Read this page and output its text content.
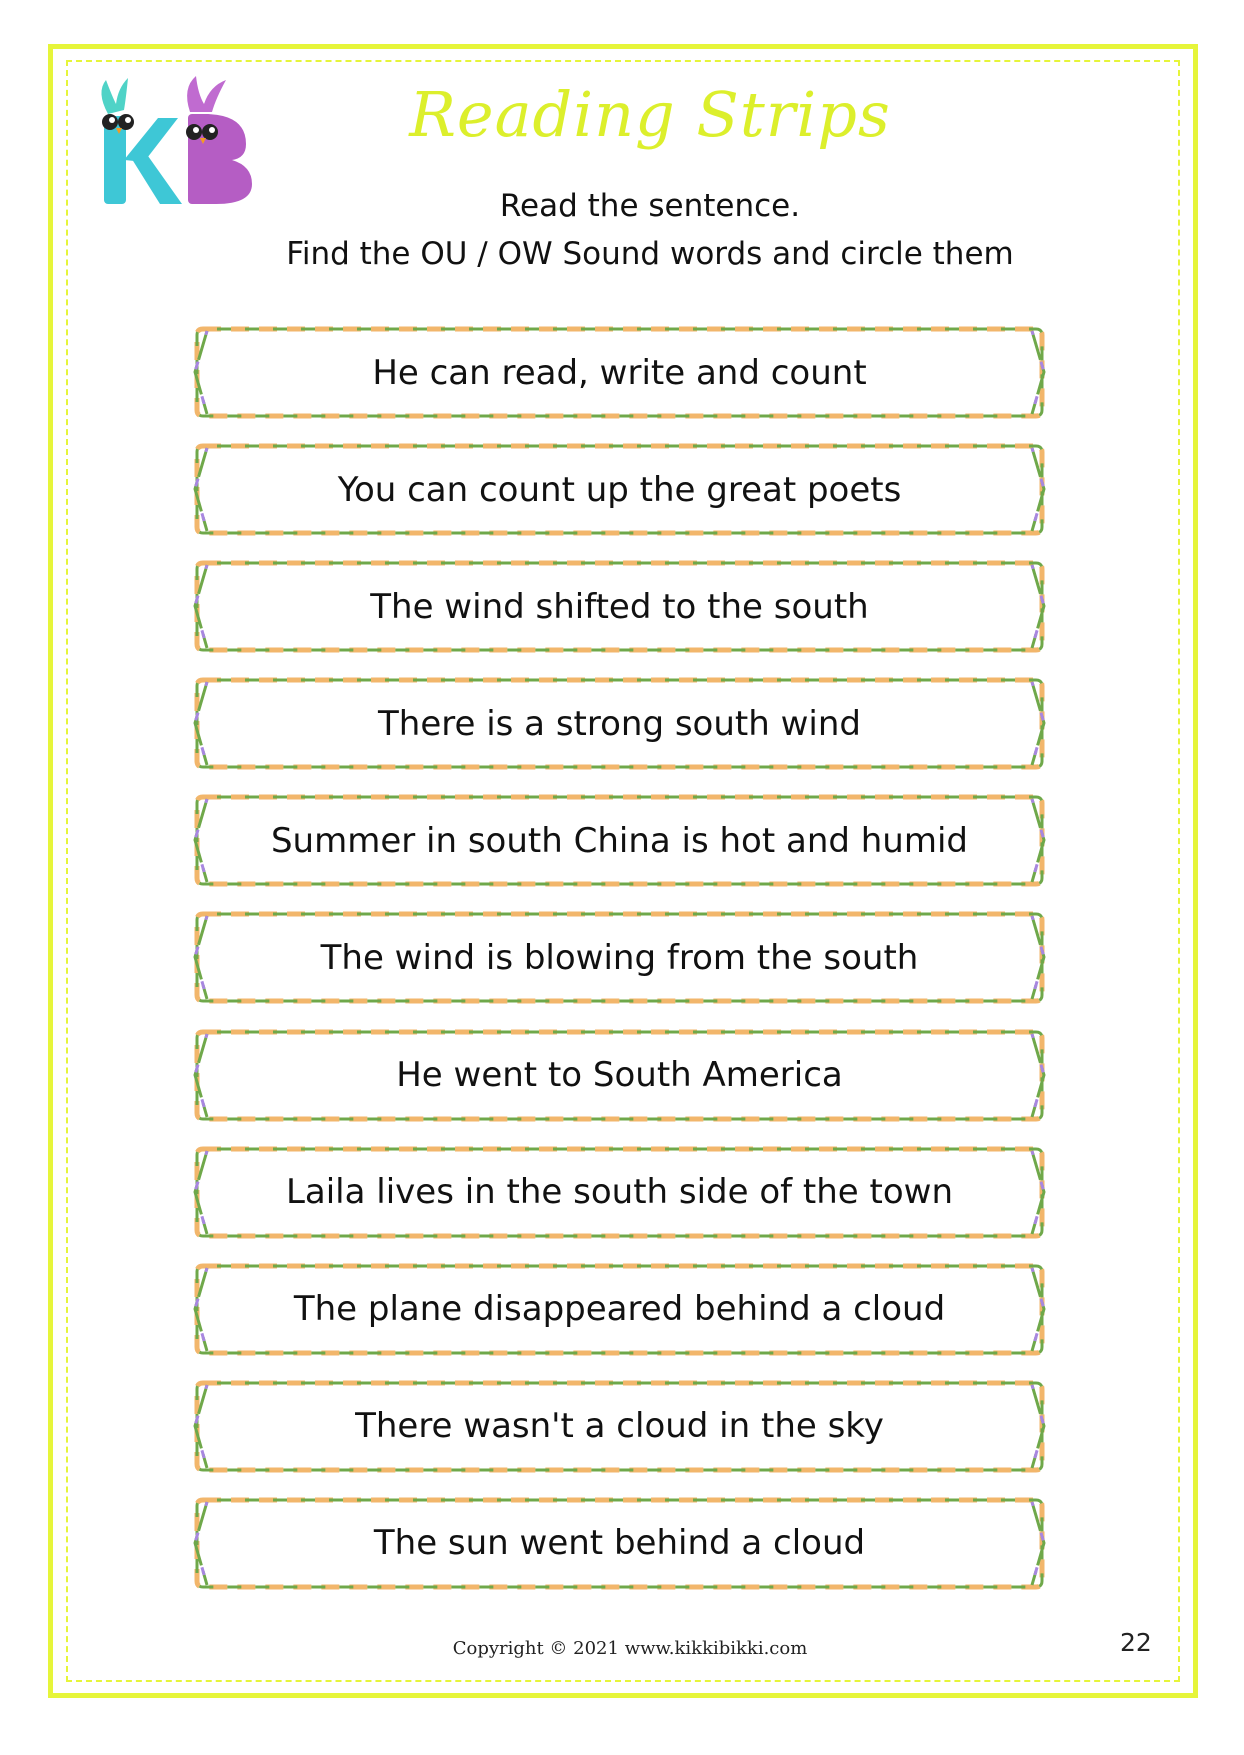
Reading Strips
Read the sentence.
Find the OU / OW Sound words and circle them
He can read, write and count
You can count up the great poets
The wind shifted to the south
There is a strong south wind
Summer in south China is hot and humid
The wind is blowing from the south
He went to South America
Laila lives in the south side of the town
The plane disappeared behind a cloud
There wasn't a cloud in the sky
The sun went behind a cloud
Copyright © 2021 www.kikkibikki.com	22
